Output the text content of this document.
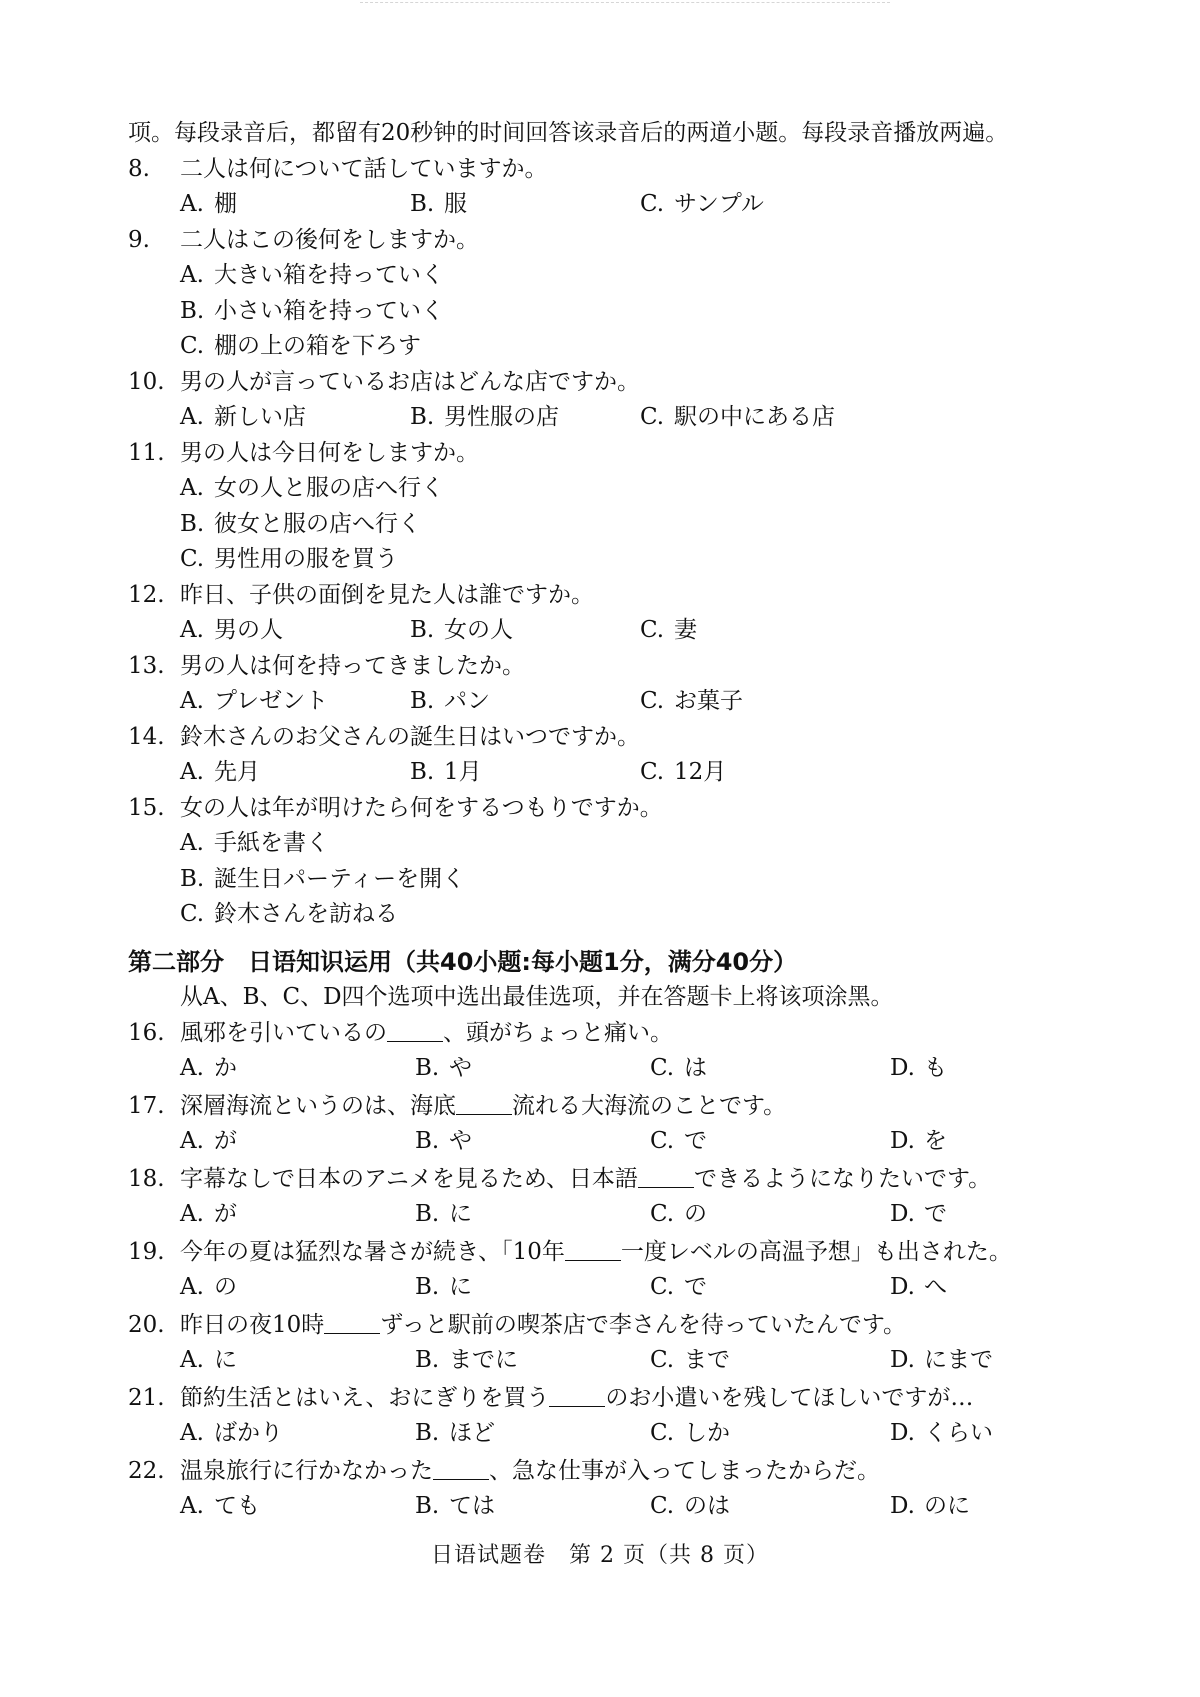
项。每段录音后，都留有20秒钟的时间回答该录音后的两道小题。每段录音播放两遍。
8. 二人は何について話していますか。
A. 棚	B. 服	C. サンプル
9. 二人はこの後何をしますか。
A. 大きい箱を持っていく
B. 小さい箱を持っていく
C. 棚の上の箱を下ろす
10. 男の人が言っているお店はどんな店ですか。
A. 新しい店	B. 男性服の店	C. 駅の中にある店
11. 男の人は今日何をしますか。
A. 女の人と服の店へ行く
B. 彼女と服の店へ行く
C. 男性用の服を買う
12. 昨日、子供の面倒を見た人は誰ですか。
A. 男の人	B. 女の人	C. 妻
13. 男の人は何を持ってきましたか。
A. プレゼント	B. パン	C. お菓子
14. 鈴木さんのお父さんの誕生日はいつですか。
A. 先月	B. 1月	C. 12月
15. 女の人は年が明けたら何をするつもりですか。
A. 手紙を書く
B. 誕生日パーティーを開く
C. 鈴木さんを訪ねる
第二部分　日语知识运用（共40小题:每小题1分，满分40分）
从A、B、C、D四个选项中选出最佳选项，并在答题卡上将该项涂黑。
16. 風邪を引いているの 、頭がちょっと痛い。
A. か	B. や	C. は	D. も
17. 深層海流というのは、海底 流れる大海流のことです。
A. が	B. や	C. で	D. を
18. 字幕なしで日本のアニメを見るため、日本語 できるようになりたいです。
A. が	B. に	C. の	D. で
19. 今年の夏は猛烈な暑さが続き、「10年 一度レベルの高温予想」も出された。
A. の	B. に	C. で	D. へ
20. 昨日の夜10時 ずっと駅前の喫茶店で李さんを待っていたんです。
A. に	B. までに	C. まで	D. にまで
21. 節約生活とはいえ、おにぎりを買う のお小遣いを残してほしいですが…
A. ばかり	B. ほど	C. しか	D. くらい
22. 温泉旅行に行かなかった 、急な仕事が入ってしまったからだ。
A. ても	B. ては	C. のは	D. のに
日语试题卷　第 2 页（共 8 页）
